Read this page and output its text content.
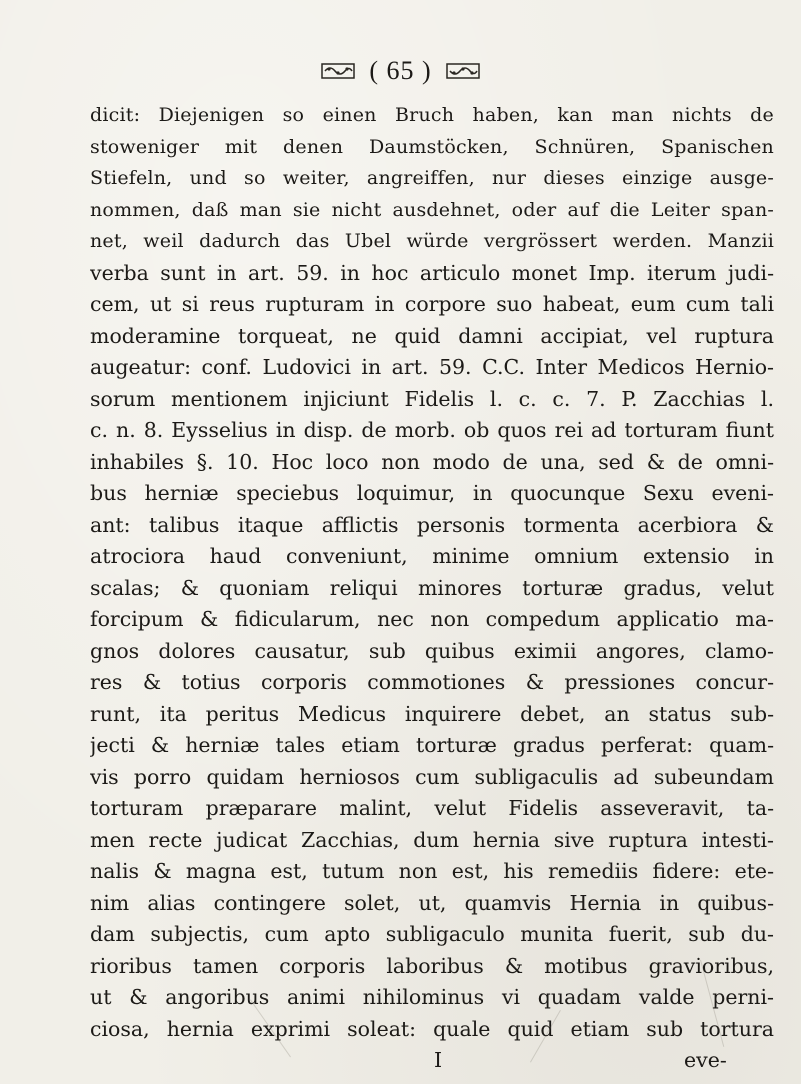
( 65 )
dicit: Diejenigen so einen Bruch haben, kan man nichts de
stoweniger mit denen Daumstöcken, Schnüren, Spanischen
Stiefeln, und so weiter, angreiffen, nur dieses einzige ausge-
nommen, daß man sie nicht ausdehnet, oder auf die Leiter span-
net, weil dadurch das Ubel würde vergrössert werden. Manzii
verba sunt in art. 59. in hoc articulo monet Imp. iterum judi-
cem, ut si reus rupturam in corpore suo habeat, eum cum tali
moderamine torqueat, ne quid damni accipiat, vel ruptura
augeatur: conf. Ludovici in art. 59. C.C. Inter Medicos Hernio-
sorum mentionem injiciunt Fidelis l. c. c. 7. P. Zacchias l.
c. n. 8. Eysselius in disp. de morb. ob quos rei ad torturam fiunt
inhabiles §. 10. Hoc loco non modo de una, sed & de omni-
bus herniæ speciebus loquimur, in quocunque Sexu eveni-
ant: talibus itaque afflictis personis tormenta acerbiora &
atrociora haud conveniunt, minime omnium extensio in
scalas; & quoniam reliqui minores torturæ gradus, velut
forcipum & fidicularum, nec non compedum applicatio ma-
gnos dolores causatur, sub quibus eximii angores, clamo-
res & totius corporis commotiones & pressiones concur-
runt, ita peritus Medicus inquirere debet, an status sub-
jecti & herniæ tales etiam torturæ gradus perferat: quam-
vis porro quidam herniosos cum subligaculis ad subeundam
torturam præparare malint, velut Fidelis asseveravit, ta-
men recte judicat Zacchias, dum hernia sive ruptura intesti-
nalis & magna est, tutum non est, his remediis fidere: ete-
nim alias contingere solet, ut, quamvis Hernia in quibus-
dam subjectis, cum apto subligaculo munita fuerit, sub du-
rioribus tamen corporis laboribus & motibus gravioribus,
ut & angoribus animi nihilominus vi quadam valde perni-
ciosa, hernia exprimi soleat: quale quid etiam sub tortura
I	eve-
